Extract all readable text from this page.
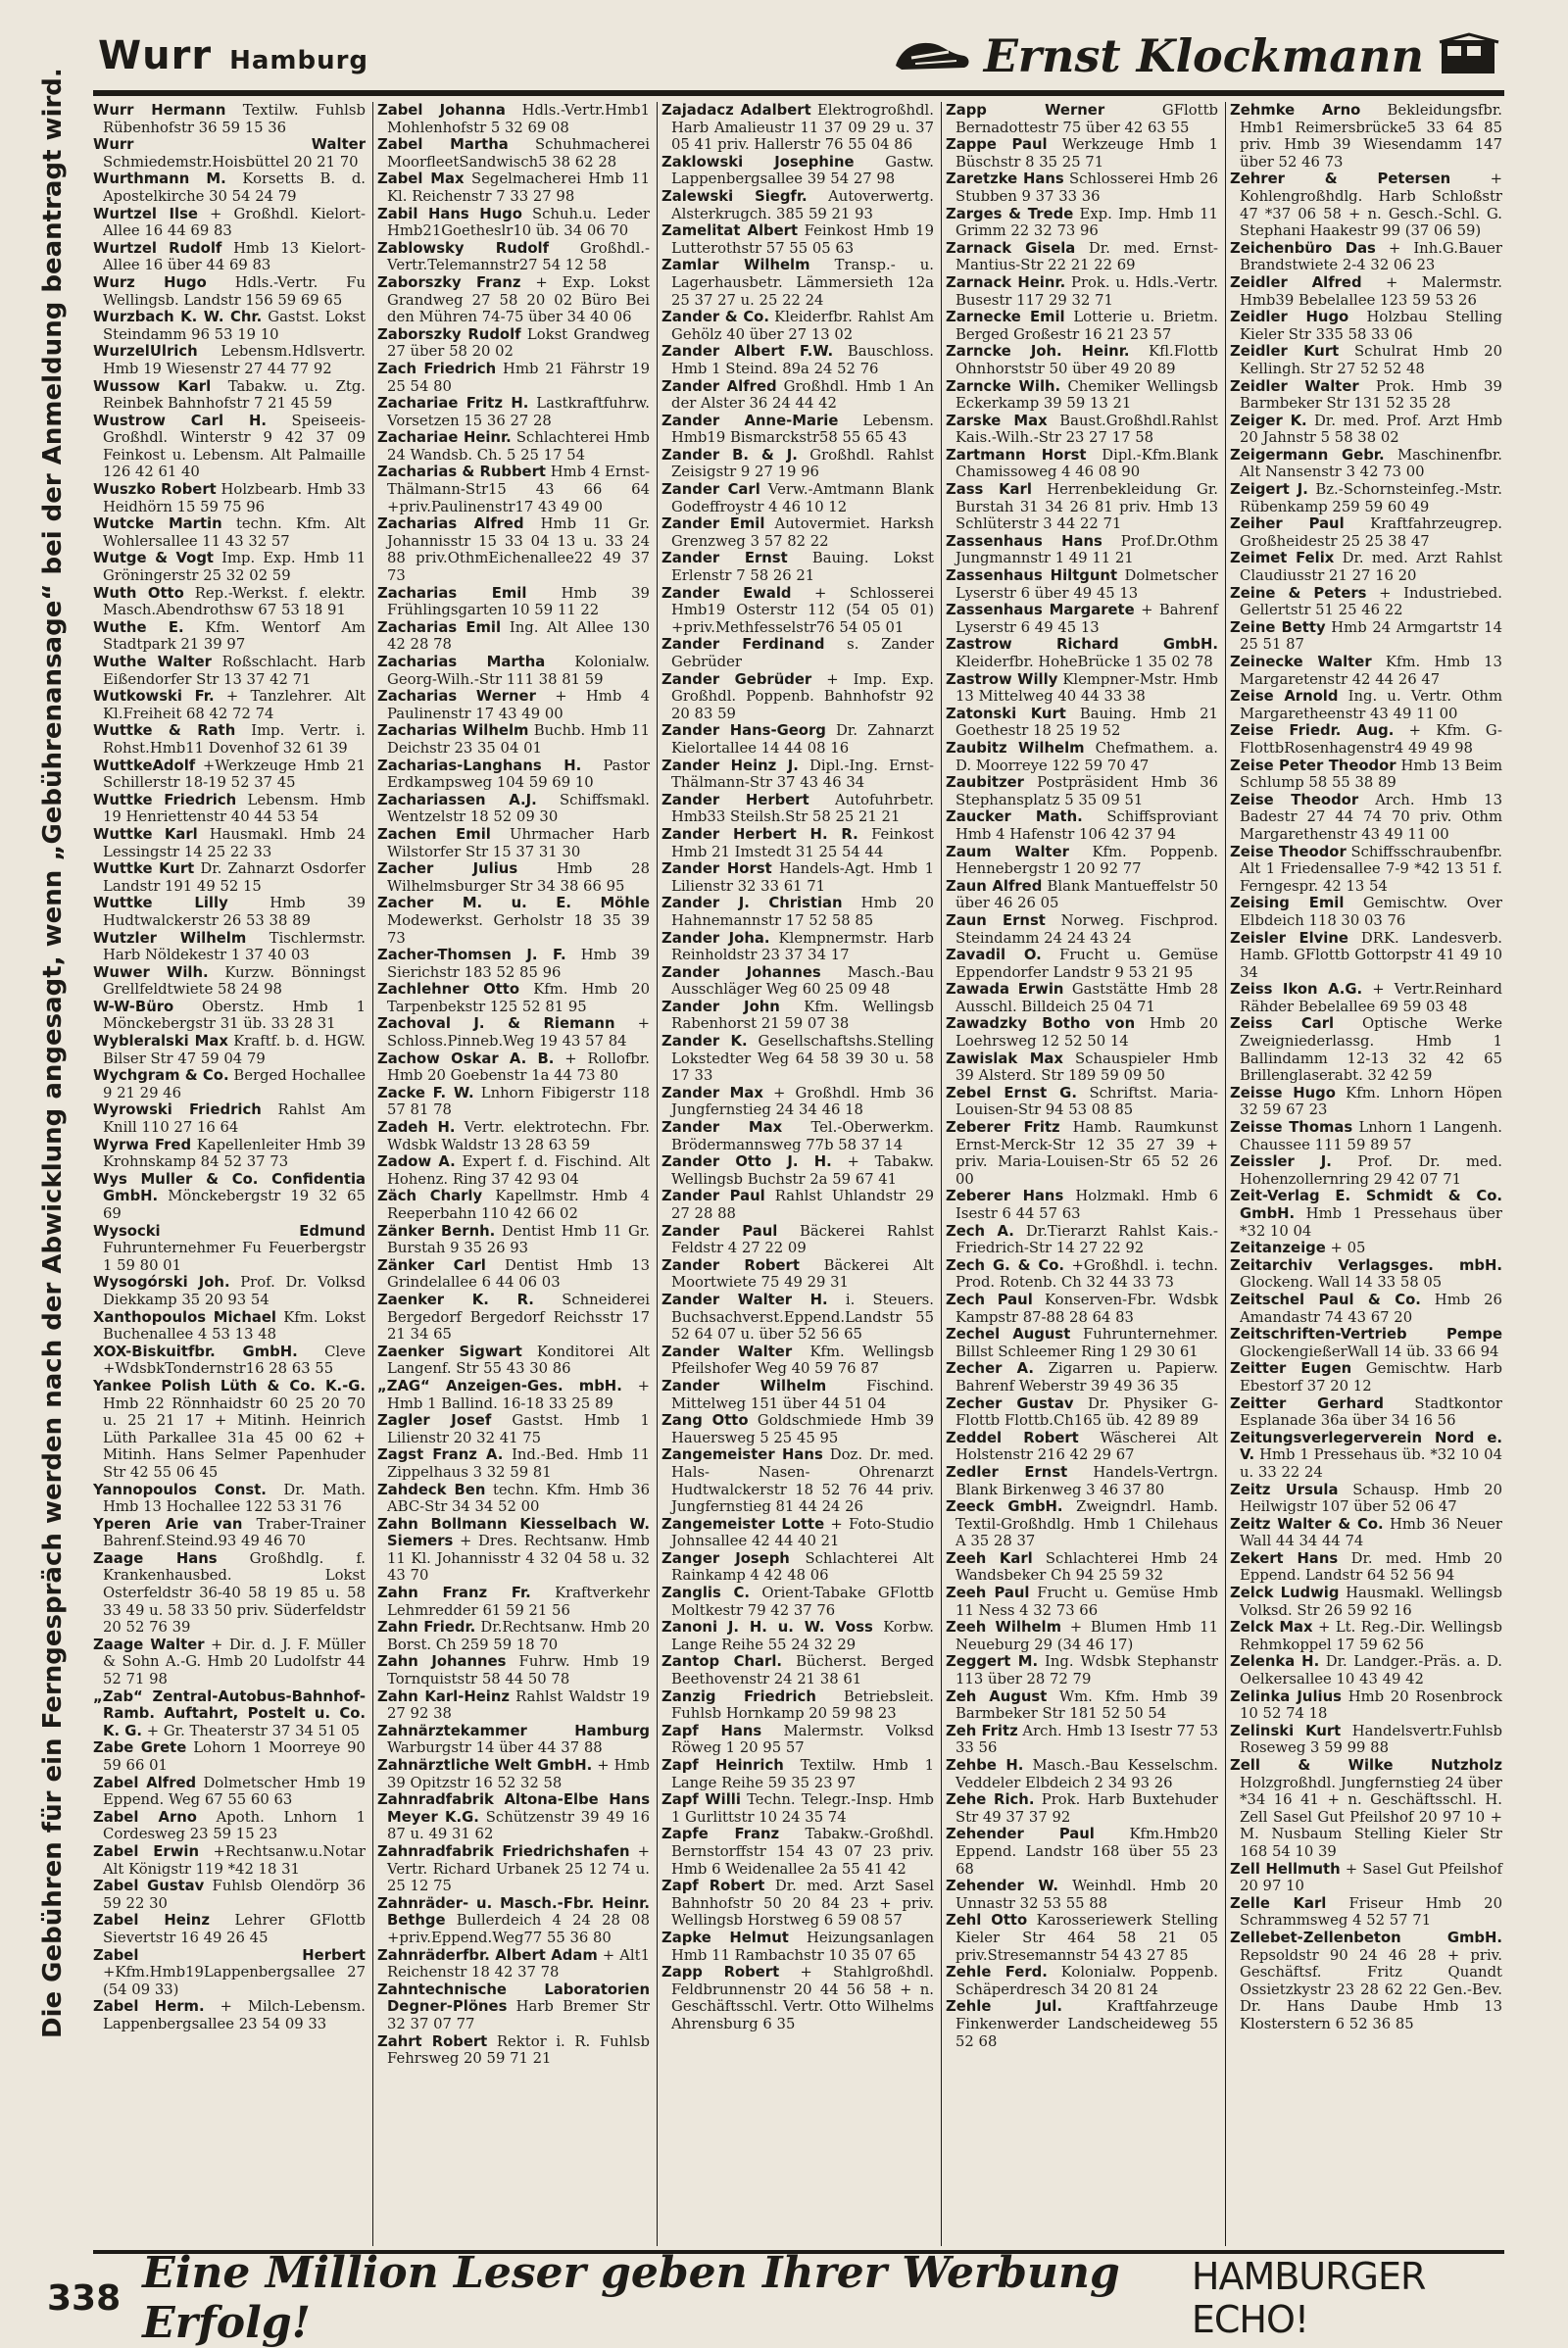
Wurr Hamburg	Ernst Klockmann
Die Gebühren für ein Ferngespräch werden nach der Abwicklung angesagt, wenn „Gebührenansage“ bei der Anmeldung beantragt wird.	Wurr Hermann Textilw. Fuhlsb Rübenhofstr 36 59 15 36
Wurr Walter Schmiedemstr.Hoisbüttel 20 21 70
Wurthmann M. Korsetts B. d. Apostelkirche 30 54 24 79
Wurtzel Ilse + Großhdl. Kielort-Allee 16 44 69 83
Wurtzel Rudolf Hmb 13 Kielort-Allee 16 über 44 69 83
Wurz Hugo Hdls.-Vertr. Fu Wellingsb. Landstr 156 59 69 65
Wurzbach K. W. Chr. Gastst. Lokst Steindamm 96 53 19 10
WurzelUlrich Lebensm.Hdlsvertr. Hmb 19 Wiesenstr 27 44 77 92
Wussow Karl Tabakw. u. Ztg. Reinbek Bahnhofstr 7 21 45 59
Wustrow Carl H. Speiseeis-Großhdl. Winterstr 9 42 37 09 Feinkost u. Lebensm. Alt Palmaille 126 42 61 40
Wuszko Robert Holzbearb. Hmb 33 Heidhörn 15 59 75 96
Wutcke Martin techn. Kfm. Alt Wohlersallee 11 43 32 57
Wutge & Vogt Imp. Exp. Hmb 11 Gröningerstr 25 32 02 59
Wuth Otto Rep.-Werkst. f. elektr. Masch.Abendrothsw 67 53 18 91
Wuthe E. Kfm. Wentorf Am Stadtpark 21 39 97
Wuthe Walter Roßschlacht. Harb Eißendorfer Str 13 37 42 71
Wutkowski Fr. + Tanzlehrer. Alt Kl.Freiheit 68 42 72 74
Wuttke & Rath Imp. Vertr. i. Rohst.Hmb11 Dovenhof 32 61 39
WuttkeAdolf +Werkzeuge Hmb 21 Schillerstr 18-19 52 37 45
Wuttke Friedrich Lebensm. Hmb 19 Henriettenstr 40 44 53 54
Wuttke Karl Hausmakl. Hmb 24 Lessingstr 14 25 22 33
Wuttke Kurt Dr. Zahnarzt Osdorfer Landstr 191 49 52 15
Wuttke Lilly	Hmb 39 Hudtwalckerstr 26 53 38 89
Wutzler Wilhelm Tischlermstr. Harb Nöldekestr 1 37 40 03
Wuwer Wilh. Kurzw. Bönningst Grellfeldtwiete 58 24 98
W-W-Büro Oberstz. Hmb 1 Mönckebergstr 31 üb. 33 28 31
Wybleralski Max Kraftf. b. d. HGW. Bilser Str 47 59 04 79
Wychgram & Co. Berged Hochallee 9 21 29 46
Wyrowski Friedrich Rahlst Am Knill 110 27 16 64
Wyrwa Fred Kapellenleiter Hmb 39 Krohnskamp 84 52 37 73
Wys Muller & Co. Confidentia GmbH. Mönckebergstr 19 32 65 69
Wysocki Edmund Fuhrunternehmer Fu Feuerbergstr 1 59 80 01
Wysogórski Joh. Prof. Dr. Volksd Diekkamp 35 20 93 54
Xanthopoulos Michael Kfm. Lokst Buchenallee 4 53 13 48
XOX-Biskuitfbr. GmbH. Cleve +WdsbkTondernstr16 28 63 55
Yankee Polish Lüth & Co. K.-G. Hmb 22 Rönnhaidstr 60 25 20 70 u. 25 21 17 + Mitinh. Heinrich Lüth Parkallee 31a 45 00 62 + Mitinh. Hans Selmer Papenhuder Str 42 55 06 45
Yannopoulos Const. Dr. Math. Hmb 13 Hochallee 122 53 31 76
Yperen Arie van Traber-Trainer Bahrenf.Steind.93 49 46 70
Zaage Hans Großhdlg. f. Krankenhausbed. Lokst Osterfeldstr 36-40 58 19 85 u. 58 33 49 u. 58 33 50 priv. Süderfeldstr 20 52 76 39
Zaage Walter + Dir. d. J. F. Müller & Sohn A.-G. Hmb 20 Ludolfstr 44 52 71 98
„Zab“ Zentral-Autobus-Bahnhof-Ramb. Auftahrt, Postelt u. Co. K. G. + Gr. Theaterstr 37 34 51 05
Zabe Grete Lohorn 1 Moorreye 90 59 66 01
Zabel Alfred Dolmetscher Hmb 19 Eppend. Weg 67 55 60 63
Zabel Arno Apoth. Lnhorn 1 Cordesweg 23 59 15 23
Zabel Erwin +Rechtsanw.u.Notar Alt Königstr 119 *42 18 31
Zabel Gustav Fuhlsb Olendörp 36 59 22 30
Zabel Heinz Lehrer GFlottb Sievertstr 16 49 26 45
Zabel Herbert +Kfm.Hmb19Lappenbergsallee 27 (54 09 33)
Zabel Herm. + Milch-Lebensm. Lappenbergsallee 23 54 09 33
Zabel Johanna Hdls.-Vertr.Hmb1 Mohlenhofstr 5 32 69 08
Zabel Martha Schuhmacherei MoorfleetSandwisch5 38 62 28
Zabel Max Segelmacherei Hmb 11 Kl. Reichenstr 7 33 27 98
Zabil Hans Hugo Schuh.u. Leder Hmb21Goetheslr10 üb. 34 06 70
Zablowsky Rudolf Großhdl.-Vertr.Telemannstr27 54 12 58
Zaborszky Franz + Exp. Lokst Grandweg 27 58 20 02 Büro Bei den Mühren 74-75 über 34 40 06
Zaborszky Rudolf Lokst Grandweg 27 über 58 20 02
Zach Friedrich Hmb 21 Fährstr 19 25 54 80
Zachariae Fritz H. Lastkraftfuhrw. Vorsetzen 15 36 27 28
Zachariae Heinr. Schlachterei Hmb 24 Wandsb. Ch. 5 25 17 54
Zacharias & Rubbert Hmb 4 Ernst-Thälmann-Str15 43 66 64 +priv.Paulinenstr17 43 49 00
Zacharias Alfred Hmb 11 Gr. Johannisstr 15 33 04 13 u. 33 24 88 priv.OthmEichenallee22 49 37 73
Zacharias Emil Hmb 39 Frühlingsgarten 10 59 11 22
Zacharias Emil Ing. Alt Allee 130 42 28 78
Zacharias Martha Kolonialw. Georg-Wilh.-Str 111 38 81 59
Zacharias Werner + Hmb 4 Paulinenstr 17 43 49 00
Zacharias Wilhelm Buchb. Hmb 11 Deichstr 23 35 04 01
Zacharias-Langhans H. Pastor Erdkampsweg 104 59 69 10
Zachariassen A.J. Schiffsmakl. Wentzelstr 18 52 09 30
Zachen Emil Uhrmacher Harb Wilstorfer Str 15 37 31 30
Zacher Julius	Hmb 28 Wilhelmsburger Str 34 38 66 95
Zacher M. u. E. Möhle Modewerkst. Gerholstr 18 35 39 73
Zacher-Thomsen J. F. Hmb 39 Sierichstr 183 52 85 96
Zachlehner Otto Kfm. Hmb 20 Tarpenbekstr 125 52 81 95
Zachoval J. & Riemann + Schloss.Pinneb.Weg 19 43 57 84
Zachow Oskar A. B. + Rollofbr. Hmb 20 Goebenstr 1a 44 73 80
Zacke F. W. Lnhorn Fibigerstr 118 57 81 78
Zadeh H. Vertr. elektrotechn. Fbr. Wdsbk Waldstr 13 28 63 59
Zadow A. Expert f. d. Fischind. Alt Hohenz. Ring 37 42 93 04
Zäch Charly Kapellmstr. Hmb 4 Reeperbahn 110 42 66 02
Zänker Bernh. Dentist Hmb 11 Gr. Burstah 9 35 26 93
Zänker Carl Dentist Hmb 13 Grindelallee 6 44 06 03
Zaenker K. R. Schneiderei Bergedorf Bergedorf Reichsstr 17 21 34 65
Zaenker Sigwart Konditorei Alt Langenf. Str 55 43 30 86
„ZAG“ Anzeigen-Ges. mbH. + Hmb 1 Ballind. 16-18 33 25 89
Zagler Josef Gastst. Hmb 1 Lilienstr 20 32 41 75
Zagst Franz A. Ind.-Bed. Hmb 11 Zippelhaus 3 32 59 81
Zahdeck Ben techn. Kfm. Hmb 36 ABC-Str 34 34 52 00
Zahn Bollmann Kiesselbach W. Siemers + Dres. Rechtsanw. Hmb 11 Kl. Johannisstr 4 32 04 58 u. 32 43 70
Zahn Franz Fr. Kraftverkehr Lehmredder 61 59 21 56
Zahn Friedr. Dr.Rechtsanw. Hmb 20 Borst. Ch 259 59 18 70
Zahn Johannes Fuhrw. Hmb 19 Tornquiststr 58 44 50 78
Zahn Karl-Heinz Rahlst Waldstr 19 27 92 38
Zahnärztekammer Hamburg Warburgstr 14 über 44 37 88
Zahnärztliche Welt GmbH. + Hmb 39 Opitzstr 16 52 32 58
Zahnradfabrik Altona-Elbe Hans Meyer K.G. Schützenstr 39 49 16 87 u. 49 31 62
Zahnradfabrik Friedrichshafen + Vertr. Richard Urbanek 25 12 74 u. 25 12 75
Zahnräder- u. Masch.-Fbr. Heinr. Bethge Bullerdeich 4 24 28 08 +priv.Eppend.Weg77 55 36 80
Zahnräderfbr. Albert Adam + Alt1 Reichenstr 18 42 37 78
Zahntechnische Laboratorien Degner-Plönes Harb Bremer Str 32 37 07 77
Zahrt Robert Rektor i. R. Fuhlsb Fehrsweg 20 59 71 21
Zajadacz Adalbert Elektrogroßhdl. Harb Amalieustr 11 37 09 29 u. 37 05 41 priv. Hallerstr 76 55 04 86
Zaklowski Josephine Gastw. Lappenbergsallee 39 54 27 98
Zalewski Siegfr. Autoverwertg. Alsterkrugch. 385 59 21 93
Zamelitat Albert Feinkost Hmb 19 Lutterothstr 57 55 05 63
Zamlar Wilhelm Transp.- u. Lagerhausbetr. Lämmersieth 12a 25 37 27 u. 25 22 24
Zander & Co. Kleiderfbr. Rahlst Am Gehölz 40 über 27 13 02
Zander Albert F.W. Bauschloss. Hmb 1 Steind. 89a 24 52 76
Zander Alfred Großhdl. Hmb 1 An der Alster 36 24 44 42
Zander Anne-Marie Lebensm. Hmb19 Bismarckstr58 55 65 43
Zander B. & J. Großhdl. Rahlst Zeisigstr 9 27 19 96
Zander Carl Verw.-Amtmann Blank Godeffroystr 4 46 10 12
Zander Emil Autovermiet. Harksh Grenzweg 3 57 82 22
Zander Ernst Bauing. Lokst Erlenstr 7 58 26 21
Zander Ewald + Schlosserei Hmb19 Osterstr 112 (54 05 01) +priv.Methfesselstr76 54 05 01
Zander Ferdinand s. Zander Gebrüder
Zander Gebrüder + Imp. Exp. Großhdl. Poppenb. Bahnhofstr 92 20 83 59
Zander Hans-Georg Dr. Zahnarzt Kielortallee 14 44 08 16
Zander Heinz J. Dipl.-Ing. Ernst-Thälmann-Str 37 43 46 34
Zander Herbert Autofuhrbetr. Hmb33 Steilsh.Str 58 25 21 21
Zander Herbert H. R. Feinkost Hmb 21 Imstedt 31 25 54 44
Zander Horst Handels-Agt. Hmb 1 Lilienstr 32 33 61 71
Zander J. Christian Hmb 20 Hahnemannstr 17 52 58 85
Zander Joha. Klempnermstr. Harb Reinholdstr 23 37 34 17
Zander Johannes Masch.-Bau Ausschläger Weg 60 25 09 48
Zander John Kfm. Wellingsb Rabenhorst 21 59 07 38
Zander K. Gesellschaftshs.Stelling Lokstedter Weg 64 58 39 30 u. 58 17 33
Zander Max + Großhdl. Hmb 36 Jungfernstieg 24 34 46 18
Zander Max Tel.-Oberwerkm. Brödermannsweg 77b 58 37 14
Zander Otto J. H. + Tabakw. Wellingsb Buchstr 2a 59 67 41
Zander Paul Rahlst Uhlandstr 29 27 28 88
Zander Paul Bäckerei Rahlst Feldstr 4 27 22 09
Zander Robert Bäckerei Alt Moortwiete 75 49 29 31
Zander Walter H. i. Steuers. Buchsachverst.Eppend.Landstr 55 52 64 07 u. über 52 56 65
Zander Walter Kfm. Wellingsb Pfeilshofer Weg 40 59 76 87
Zander Wilhelm	Fischind. Mittelweg 151 über 44 51 04
Zang Otto Goldschmiede Hmb 39 Hauersweg 5 25 45 95
Zangemeister Hans Doz. Dr. med. Hals- Nasen- Ohrenarzt Hudtwalckerstr 18 52 76 44 priv. Jungfernstieg 81 44 24 26
Zangemeister Lotte + Foto-Studio Johnsallee 42 44 40 21
Zanger Joseph Schlachterei Alt Rainkamp 4 42 48 06
Zanglis C. Orient-Tabake GFlottb Moltkestr 79 42 37 76
Zanoni J. H. u. W. Voss Korbw. Lange Reihe 55 24 32 29
Zantop Charl. Bücherst. Berged Beethovenstr 24 21 38 61
Zanzig Friedrich Betriebsleit. Fuhlsb Hornkamp 20 59 98 23
Zapf Hans Malermstr. Volksd Röweg 1 20 95 57
Zapf Heinrich Textilw. Hmb 1 Lange Reihe 59 35 23 97
Zapf Willi Techn. Telegr.-Insp. Hmb 1 Gurlittstr 10 24 35 74
Zapfe Franz Tabakw.-Großhdl. Bernstorffstr 154 43 07 23 priv. Hmb 6 Weidenallee 2a 55 41 42
Zapf Robert Dr. med. Arzt Sasel Bahnhofstr 50 20 84 23 + priv. Wellingsb Horstweg 6 59 08 57
Zapke Helmut Heizungsanlagen Hmb 11 Rambachstr 10 35 07 65
Zapp Robert + Stahlgroßhdl. Feldbrunnenstr 20 44 56 58 + n. Geschäftsschl. Vertr. Otto Wilhelms Ahrensburg 6 35
Zapp Werner	GFlottb Bernadottestr 75 über 42 63 55
Zappe Paul Werkzeuge Hmb 1 Büschstr 8 35 25 71
Zaretzke Hans Schlosserei Hmb 26 Stubben 9 37 33 36
Zarges & Trede Exp. Imp. Hmb 11 Grimm 22 32 73 96
Zarnack Gisela Dr. med. Ernst-Mantius-Str 22 21 22 69
Zarnack Heinr. Prok. u. Hdls.-Vertr. Busestr 117 29 32 71
Zarnecke Emil Lotterie u. Brietm. Berged Großestr 16 21 23 57
Zarncke Joh. Heinr. Kfl.Flottb Ohnhorststr 50 über 49 20 89
Zarncke Wilh. Chemiker Wellingsb Eckerkamp 39 59 13 21
Zarske Max Baust.Großhdl.Rahlst Kais.-Wilh.-Str 23 27 17 58
Zartmann Horst Dipl.-Kfm.Blank Chamissoweg 4 46 08 90
Zass Karl Herrenbekleidung Gr. Burstah 31 34 26 81 priv. Hmb 13 Schlüterstr 3 44 22 71
Zassenhaus Hans Prof.Dr.Othm Jungmannstr 1 49 11 21
Zassenhaus Hiltgunt Dolmetscher Lyserstr 6 über 49 45 13
Zassenhaus Margarete + Bahrenf Lyserstr 6 49 45 13
Zastrow Richard GmbH. Kleiderfbr. HoheBrücke 1 35 02 78
Zastrow Willy Klempner-Mstr. Hmb 13 Mittelweg 40 44 33 38
Zatonski Kurt Bauing. Hmb 21 Goethestr 18 25 19 52
Zaubitz Wilhelm Chefmathem. a. D. Moorreye 122 59 70 47
Zaubitzer Postpräsident Hmb 36 Stephansplatz 5 35 09 51
Zaucker Math. Schiffsproviant Hmb 4 Hafenstr 106 42 37 94
Zaum Walter Kfm. Poppenb. Hennebergstr 1 20 92 77
Zaun Alfred Blank Mantueffelstr 50 über 46 26 05
Zaun Ernst Norweg. Fischprod. Steindamm 24 24 43 24
Zavadil O. Frucht u. Gemüse Eppendorfer Landstr 9 53 21 95
Zawada Erwin Gaststätte Hmb 28 Ausschl. Billdeich 25 04 71
Zawadzky Botho von Hmb 20 Loehrsweg 12 52 50 14
Zawislak Max Schauspieler Hmb 39 Alsterd. Str 189 59 09 50
Zebel Ernst G. Schriftst. Maria-Louisen-Str 94 53 08 85
Zeberer Fritz Hamb. Raumkunst Ernst-Merck-Str 12 35 27 39 + priv. Maria-Louisen-Str 65 52 26 00
Zeberer Hans Holzmakl. Hmb 6 Isestr 6 44 57 63
Zech A. Dr.Tierarzt Rahlst Kais.-Friedrich-Str 14 27 22 92
Zech G. & Co. +Großhdl. i. techn. Prod. Rotenb. Ch 32 44 33 73
Zech Paul Konserven-Fbr. Wdsbk Kampstr 87-88 28 64 83
Zechel August Fuhrunternehmer. Billst Schleemer Ring 1 29 30 61
Zecher A. Zigarren u. Papierw. Bahrenf Weberstr 39 49 36 35
Zecher Gustav Dr. Physiker G-Flottb Flottb.Ch165 üb. 42 89 89
Zeddel Robert Wäscherei Alt Holstenstr 216 42 29 67
Zedler Ernst Handels-Vertrgn. Blank Birkenweg 3 46 37 80
Zeeck GmbH. Zweigndrl. Hamb. Textil-Großhdlg. Hmb 1 Chilehaus A 35 28 37
Zeeh Karl Schlachterei Hmb 24 Wandsbeker Ch 94 25 59 32
Zeeh Paul Frucht u. Gemüse Hmb 11 Ness 4 32 73 66
Zeeh Wilhelm + Blumen Hmb 11 Neueburg 29 (34 46 17)
Zeggert M. Ing. Wdsbk Stephanstr 113 über 28 72 79
Zeh August Wm. Kfm. Hmb 39 Barmbeker Str 181 52 50 54
Zeh Fritz Arch. Hmb 13 Isestr 77 53 33 56
Zehbe H. Masch.-Bau Kesselschm. Veddeler Elbdeich 2 34 93 26
Zehe Rich. Prok. Harb Buxtehuder Str 49 37 37 92
Zehender Paul Kfm.Hmb20 Eppend. Landstr 168 über 55 23 68
Zehender W. Weinhdl. Hmb 20 Unnastr 32 53 55 88
Zehl Otto Karosseriewerk Stelling Kieler Str 464 58 21 05 priv.Stresemannstr 54 43 27 85
Zehle Ferd. Kolonialw. Poppenb. Schäperdresch 34 20 81 24
Zehle Jul.	Kraftfahrzeuge Finkenwerder Landscheideweg 55 52 68
Zehmke Arno Bekleidungsfbr. Hmb1 Reimersbrücke5 33 64 85 priv. Hmb 39 Wiesendamm 147 über 52 46 73
Zehrer & Petersen	+ Kohlengroßhdlg. Harb Schloßstr 47 *37 06 58 + n. Gesch.-Schl. G. Stephani Haakestr 99 (37 06 59)
Zeichenbüro Das + Inh.G.Bauer Brandstwiete 2-4 32 06 23
Zeidler Alfred + Malermstr. Hmb39 Bebelallee 123 59 53 26
Zeidler Hugo Holzbau Stelling Kieler Str 335 58 33 06
Zeidler Kurt Schulrat Hmb 20 Kellingh. Str 27 52 52 48
Zeidler Walter Prok. Hmb 39 Barmbeker Str 131 52 35 28
Zeiger K. Dr. med. Prof. Arzt Hmb 20 Jahnstr 5 58 38 02
Zeigermann Gebr. Maschinenfbr. Alt Nansenstr 3 42 73 00
Zeigert J. Bz.-Schornsteinfeg.-Mstr. Rübenkamp 259 59 60 49
Zeiher Paul Kraftfahrzeugrep. Großheidestr 25 25 38 47
Zeimet Felix Dr. med. Arzt Rahlst Claudiusstr 21 27 16 20
Zeine & Peters + Industriebed. Gellertstr 51 25 46 22
Zeine Betty Hmb 24 Armgartstr 14 25 51 87
Zeinecke Walter Kfm. Hmb 13 Margaretenstr 42 44 26 47
Zeise Arnold Ing. u. Vertr. Othm Margaretheenstr 43 49 11 00
Zeise Friedr. Aug. + Kfm. G-FlottbRosenhagenstr4 49 49 98
Zeise Peter Theodor Hmb 13 Beim Schlump 58 55 38 89
Zeise Theodor Arch. Hmb 13 Badestr 27 44 74 70 priv. Othm Margarethenstr 43 49 11 00
Zeise Theodor Schiffsschraubenfbr. Alt 1 Friedensallee 7-9 *42 13 51 f. Ferngespr. 42 13 54
Zeising Emil Gemischtw. Over Elbdeich 118 30 03 76
Zeisler Elvine DRK. Landesverb. Hamb. GFlottb Gottorpstr 41 49 10 34
Zeiss Ikon A.G. + Vertr.Reinhard Rähder Bebelallee 69 59 03 48
Zeiss Carl Optische Werke Zweigniederlassg. Hmb 1 Ballindamm 12-13 32 42 65 Brillenglaserabt. 32 42 59
Zeisse Hugo Kfm. Lnhorn Höpen 32 59 67 23
Zeisse Thomas Lnhorn 1 Langenh. Chaussee 111 59 89 57
Zeissler J. Prof. Dr. med. Hohenzollernring 29 42 07 71
Zeit-Verlag E. Schmidt & Co. GmbH. Hmb 1 Pressehaus über *32 10 04
Zeitanzeige + 05
Zeitarchiv Verlagsges. mbH. Glockeng. Wall 14 33 58 05
Zeitschel Paul & Co. Hmb 26 Amandastr 74 43 67 20
Zeitschriften-Vertrieb Pempe GlockengießerWall 14 üb. 33 66 94
Zeitter Eugen Gemischtw. Harb Ebestorf 37 20 12
Zeitter Gerhard Stadtkontor Esplanade 36a über 34 16 56
Zeitungsverlegerverein Nord e. V. Hmb 1 Pressehaus üb. *32 10 04 u. 33 22 24
Zeitz Ursula Schausp. Hmb 20 Heilwigstr 107 über 52 06 47
Zeitz Walter & Co. Hmb 36 Neuer Wall 44 34 44 74
Zekert Hans Dr. med. Hmb 20 Eppend. Landstr 64 52 56 94
Zelck Ludwig Hausmakl. Wellingsb Volksd. Str 26 59 92 16
Zelck Max + Lt. Reg.-Dir. Wellingsb Rehmkoppel 17 59 62 56
Zelenka H. Dr. Landger.-Präs. a. D. Oelkersallee 10 43 49 42
Zelinka Julius Hmb 20 Rosenbrock 10 52 74 18
Zelinski Kurt Handelsvertr.Fuhlsb Roseweg 3 59 99 88
Zell & Wilke Nutzholz Holzgroßhdl. Jungfernstieg 24 über *34 16 41 + n. Geschäftsschl. H. Zell Sasel Gut Pfeilshof 20 97 10 + M. Nusbaum Stelling Kieler Str 168 54 10 39
Zell Hellmuth + Sasel Gut Pfeilshof 20 97 10
Zelle Karl Friseur Hmb 20 Schrammsweg 4 52 57 71
Zellebet-Zellenbeton GmbH. Repsoldstr 90 24 46 28 + priv. Geschäftsf. Fritz Quandt Ossietzkystr 23 28 62 22 Gen.-Bev. Dr. Hans Daube Hmb 13 Klosterstern 6 52 36 85
338 Eine Million Leser geben Ihrer Werbung Erfolg!
HAMBURGER ECHO!
